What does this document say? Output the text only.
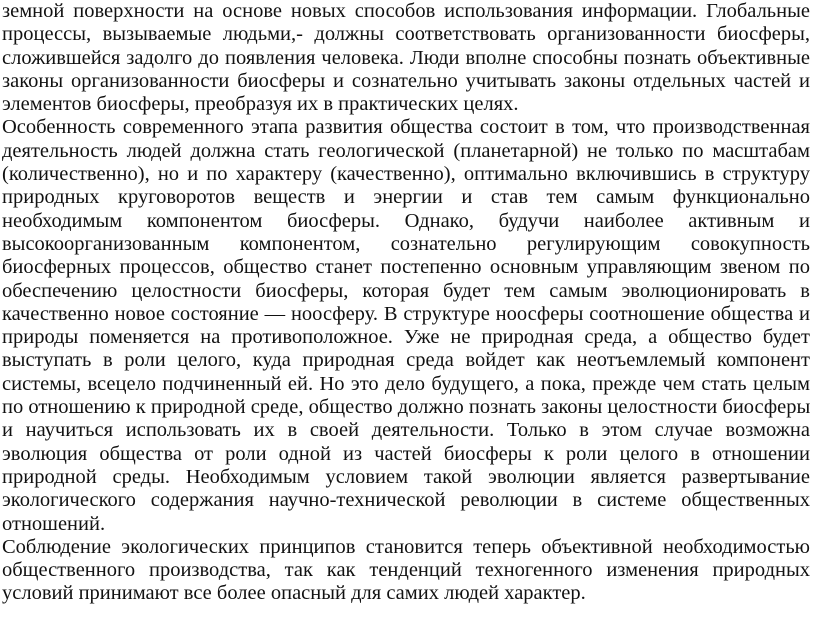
земной поверхности на основе новых способов использования информации. Глобальные
процессы, вызываемые людьми,- должны соответствовать организованности биосферы,
сложившейся задолго до появления человека. Люди вполне способны познать объективные
законы организованности биосферы и сознательно учитывать законы отдельных частей и
элементов биосферы, преобразуя их в практических целях.
Особенность современного этапа развития общества состоит в том, что производственная
деятельность людей должна стать геологической (планетарной) не только по масштабам
(количественно), но и по характеру (качественно), оптимально включившись в структуру
природных круговоротов веществ и энергии и став тем самым функционально
необходимым компонентом биосферы. Однако, будучи наиболее активным и
высокоорганизованным компонентом, сознательно регулирующим совокупность
биосферных процессов, общество станет постепенно основным управляющим звеном по
обеспечению целостности биосферы, которая будет тем самым эволюционировать в
качественно новое состояние — ноосферу. В структуре ноосферы соотношение общества и
природы поменяется на противоположное. Уже не природная среда, а общество будет
выступать в роли целого, куда природная среда войдет как неотъемлемый компонент
системы, всецело подчиненный ей. Но это дело будущего, а пока, прежде чем стать целым
по отношению к природной среде, общество должно познать законы целостности биосферы
и научиться использовать их в своей деятельности. Только в этом случае возможна
эволюция общества от роли одной из частей биосферы к роли целого в отношении
природной среды. Необходимым условием такой эволюции является развертывание
экологического содержания научно-технической революции в системе общественных
отношений.
Соблюдение экологических принципов становится теперь объективной необходимостью
общественного производства, так как тенденций техногенного изменения природных
условий принимают все более опасный для самих людей характер.
